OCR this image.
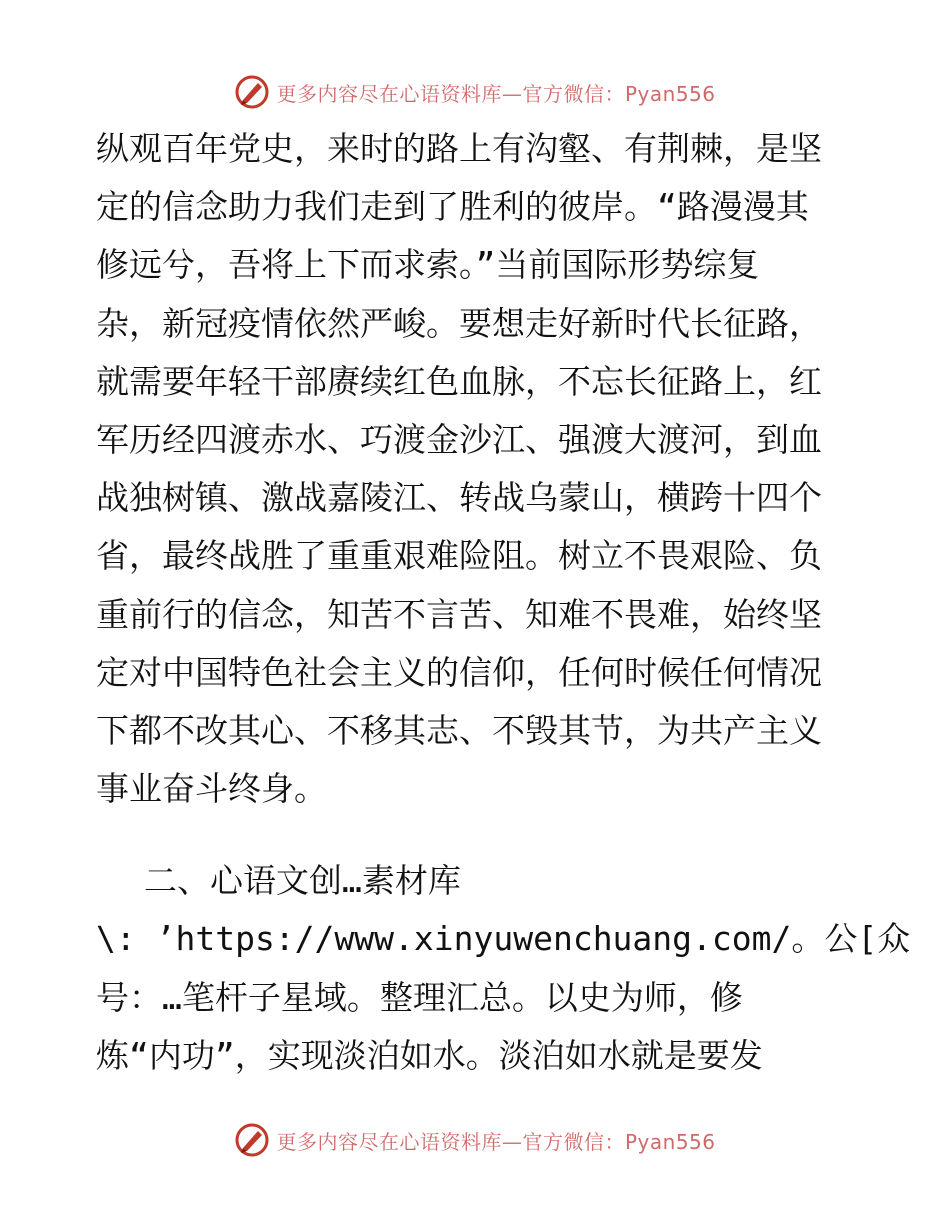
更多内容尽在心语资料库—官方微信：Pyan556
纵观百年党史，来时的路上有沟壑、有荆棘，是坚
定的信念助力我们走到了胜利的彼岸。“路漫漫其
修远兮，吾将上下而求索。”当前国际形势综复
杂，新冠疫情依然严峻。要想走好新时代长征路，
就需要年轻干部赓续红色血脉，不忘长征路上，红
军历经四渡赤水、巧渡金沙江、强渡大渡河，到血
战独树镇、激战嘉陵江、转战乌蒙山，横跨十四个
省，最终战胜了重重艰难险阻。树立不畏艰险、负
重前行的信念，知苦不言苦、知难不畏难，始终坚
定对中国特色社会主义的信仰，任何时候任何情况
下都不改其心、不移其志、不毁其节，为共产主义
事业奋斗终身。
二、心语文创…素材库
\: ’https://www.xinyuwenchuang.com/。公[众
号：…笔杆子星域。整理汇总。以史为师，修
炼“内功”，实现淡泊如水。淡泊如水就是要发
更多内容尽在心语资料库—官方微信：Pyan556
